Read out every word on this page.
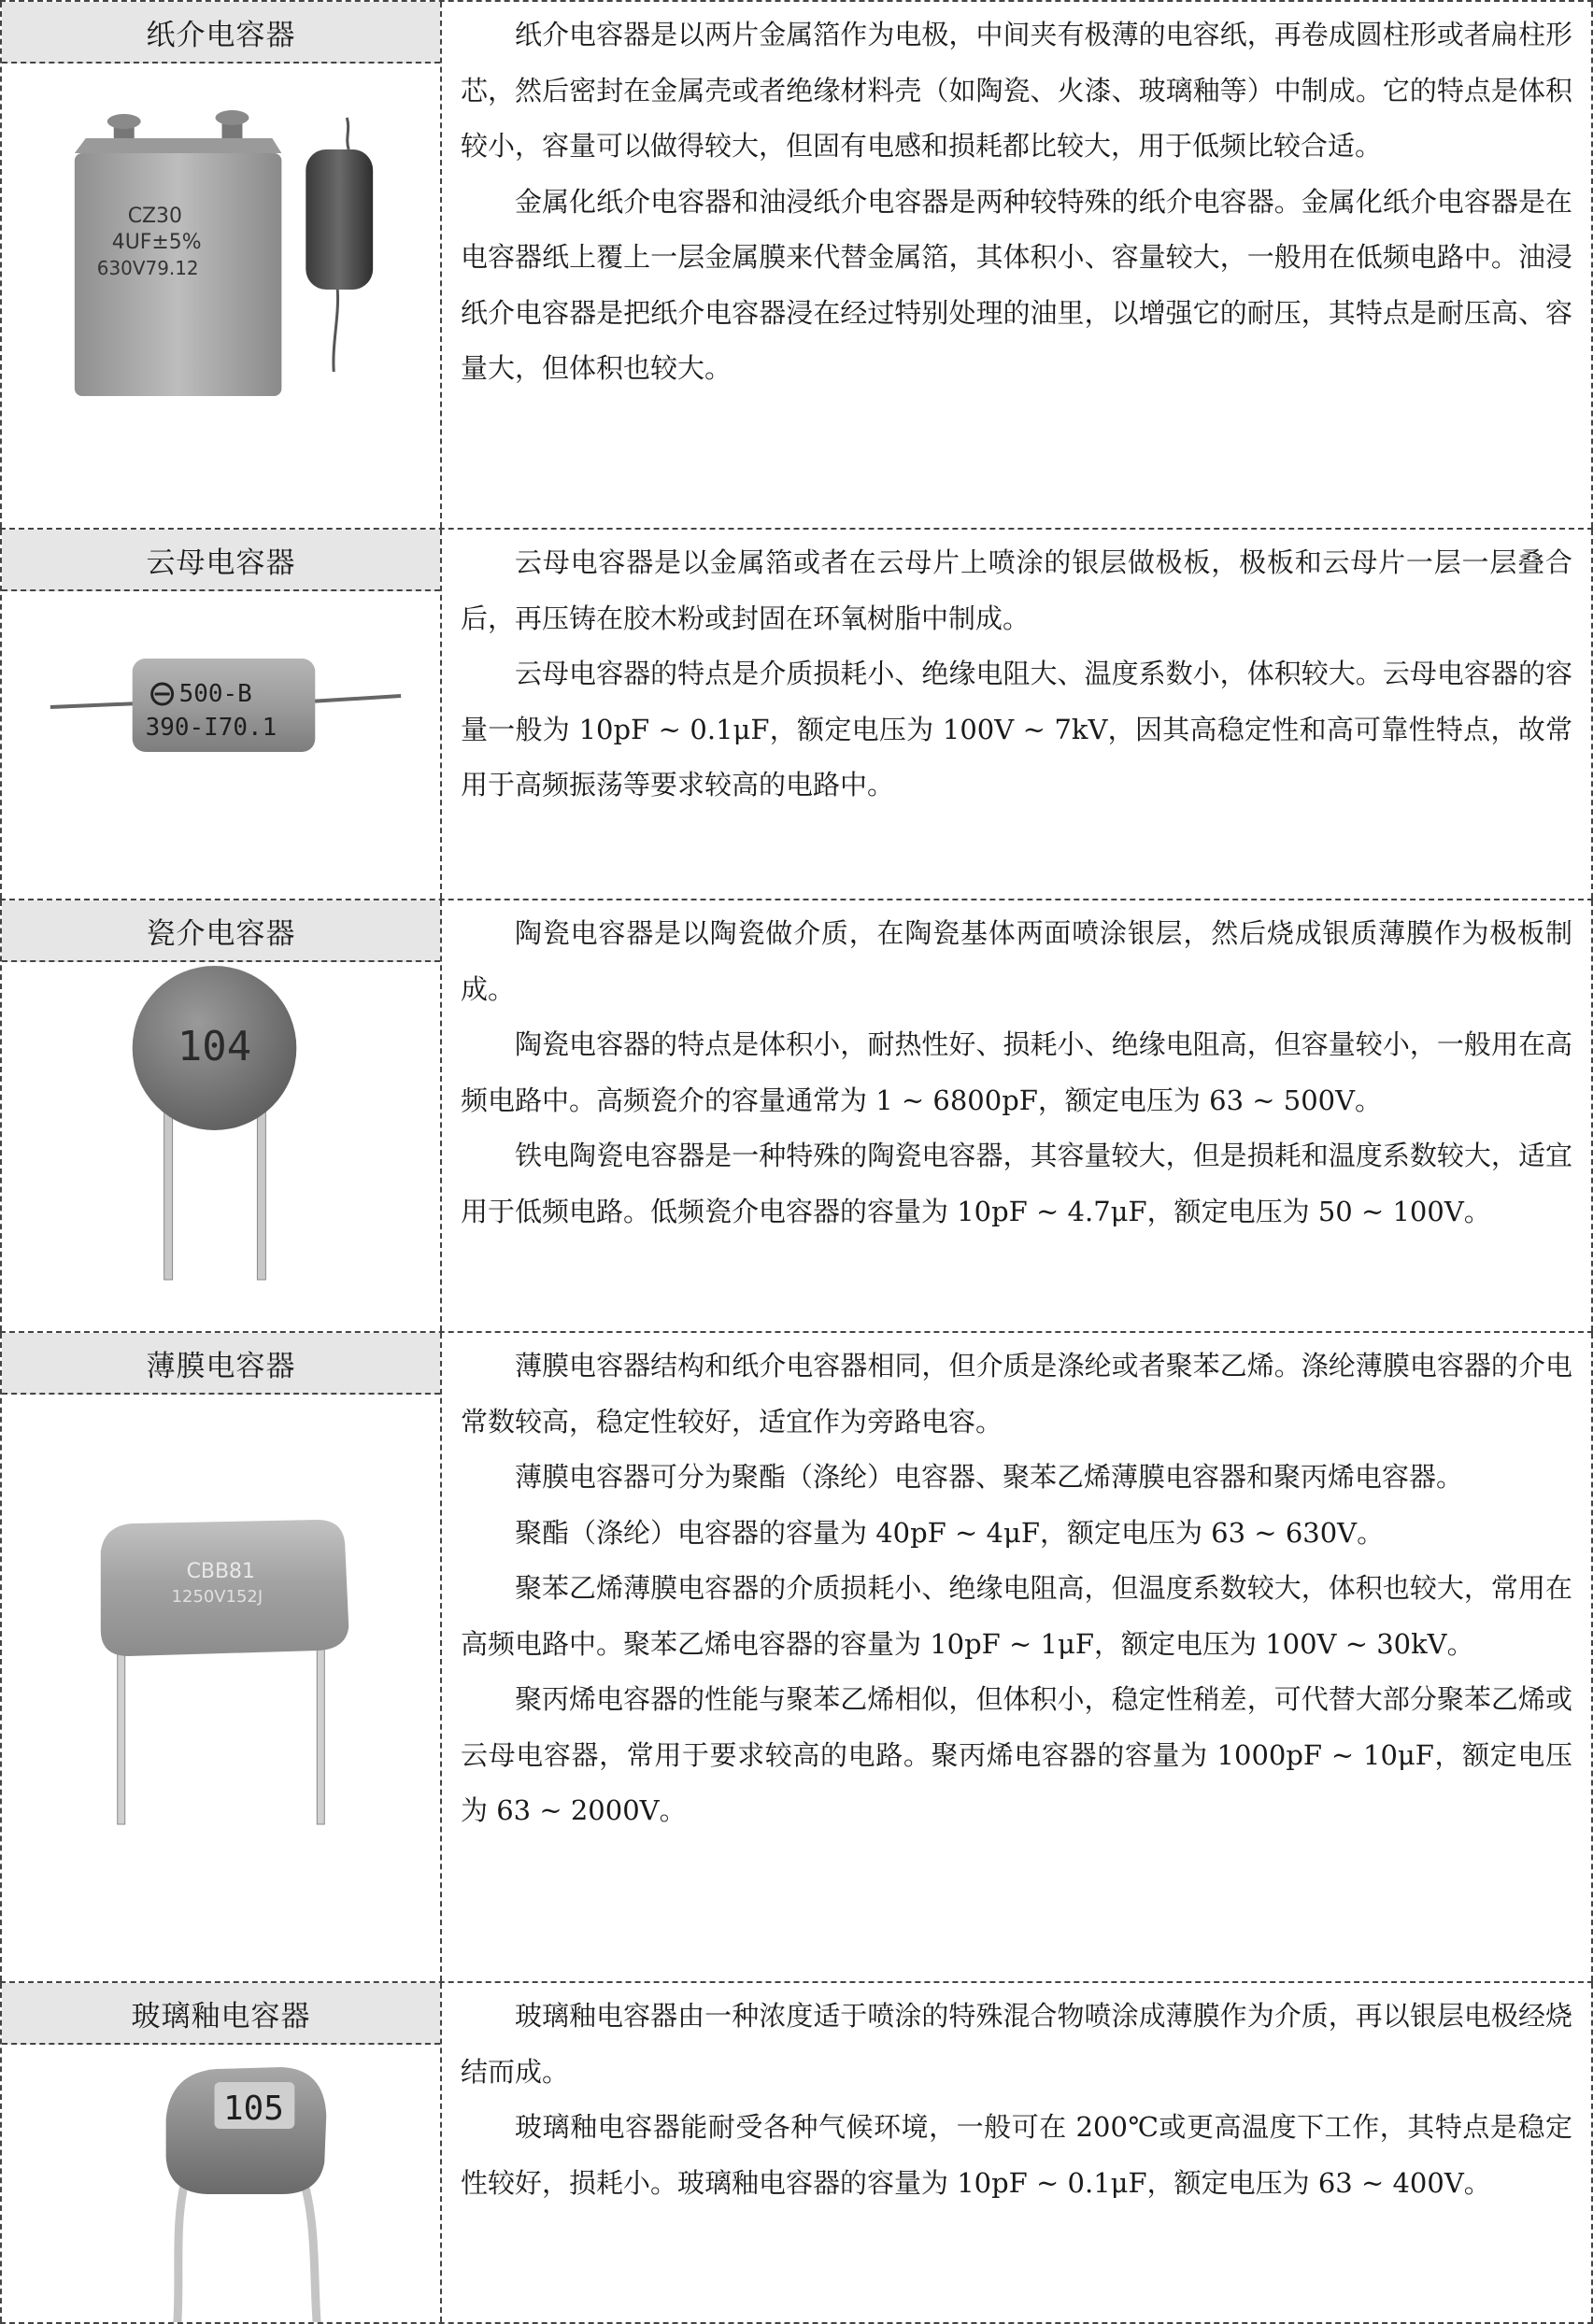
纸介电容器
CZ30
4UF±5%
630V79.12

纸介电容器是以两片金属箔作为电极，中间夹有极薄的电容纸，再卷成圆柱形或者扁柱形芯，然后密封在金属壳或者绝缘材料壳（如陶瓷、火漆、玻璃釉等）中制成。它的特点是体积较小，容量可以做得较大，但固有电感和损耗都比较大，用于低频比较合适。

金属化纸介电容器和油浸纸介电容器是两种较特殊的纸介电容器。金属化纸介电容器是在电容器纸上覆上一层金属膜来代替金属箔，其体积小、容量较大，一般用在低频电路中。油浸纸介电容器是把纸介电容器浸在经过特别处理的油里，以增强它的耐压，其特点是耐压高、容量大，但体积也较大。

云母电容器
500-B
390-I70.1

云母电容器是以金属箔或者在云母片上喷涂的银层做极板，极板和云母片一层一层叠合后，再压铸在胶木粉或封固在环氧树脂中制成。

云母电容器的特点是介质损耗小、绝缘电阻大、温度系数小，体积较大。云母电容器的容量一般为 10pF ~ 0.1μF，额定电压为 100V ~ 7kV，因其高稳定性和高可靠性特点，故常用于高频振荡等要求较高的电路中。

瓷介电容器
104

陶瓷电容器是以陶瓷做介质，在陶瓷基体两面喷涂银层，然后烧成银质薄膜作为极板制成。

陶瓷电容器的特点是体积小，耐热性好、损耗小、绝缘电阻高，但容量较小，一般用在高频电路中。高频瓷介的容量通常为 1 ~ 6800pF，额定电压为 63 ~ 500V。

铁电陶瓷电容器是一种特殊的陶瓷电容器，其容量较大，但是损耗和温度系数较大，适宜用于低频电路。低频瓷介电容器的容量为 10pF ~ 4.7μF，额定电压为 50 ~ 100V。

薄膜电容器
CBB81
1250V152J

薄膜电容器结构和纸介电容器相同，但介质是涤纶或者聚苯乙烯。涤纶薄膜电容器的介电常数较高，稳定性较好，适宜作为旁路电容。

薄膜电容器可分为聚酯（涤纶）电容器、聚苯乙烯薄膜电容器和聚丙烯电容器。

聚酯（涤纶）电容器的容量为 40pF ~ 4μF，额定电压为 63 ~ 630V。

聚苯乙烯薄膜电容器的介质损耗小、绝缘电阻高，但温度系数较大，体积也较大，常用在高频电路中。聚苯乙烯电容器的容量为 10pF ~ 1μF，额定电压为 100V ~ 30kV。

聚丙烯电容器的性能与聚苯乙烯相似，但体积小，稳定性稍差，可代替大部分聚苯乙烯或云母电容器，常用于要求较高的电路。聚丙烯电容器的容量为 1000pF ~ 10μF，额定电压为 63 ~ 2000V。

玻璃釉电容器
105

玻璃釉电容器由一种浓度适于喷涂的特殊混合物喷涂成薄膜作为介质，再以银层电极经烧结而成。

玻璃釉电容器能耐受各种气候环境，一般可在 200℃或更高温度下工作，其特点是稳定性较好，损耗小。玻璃釉电容器的容量为 10pF ~ 0.1μF，额定电压为 63 ~ 400V。
